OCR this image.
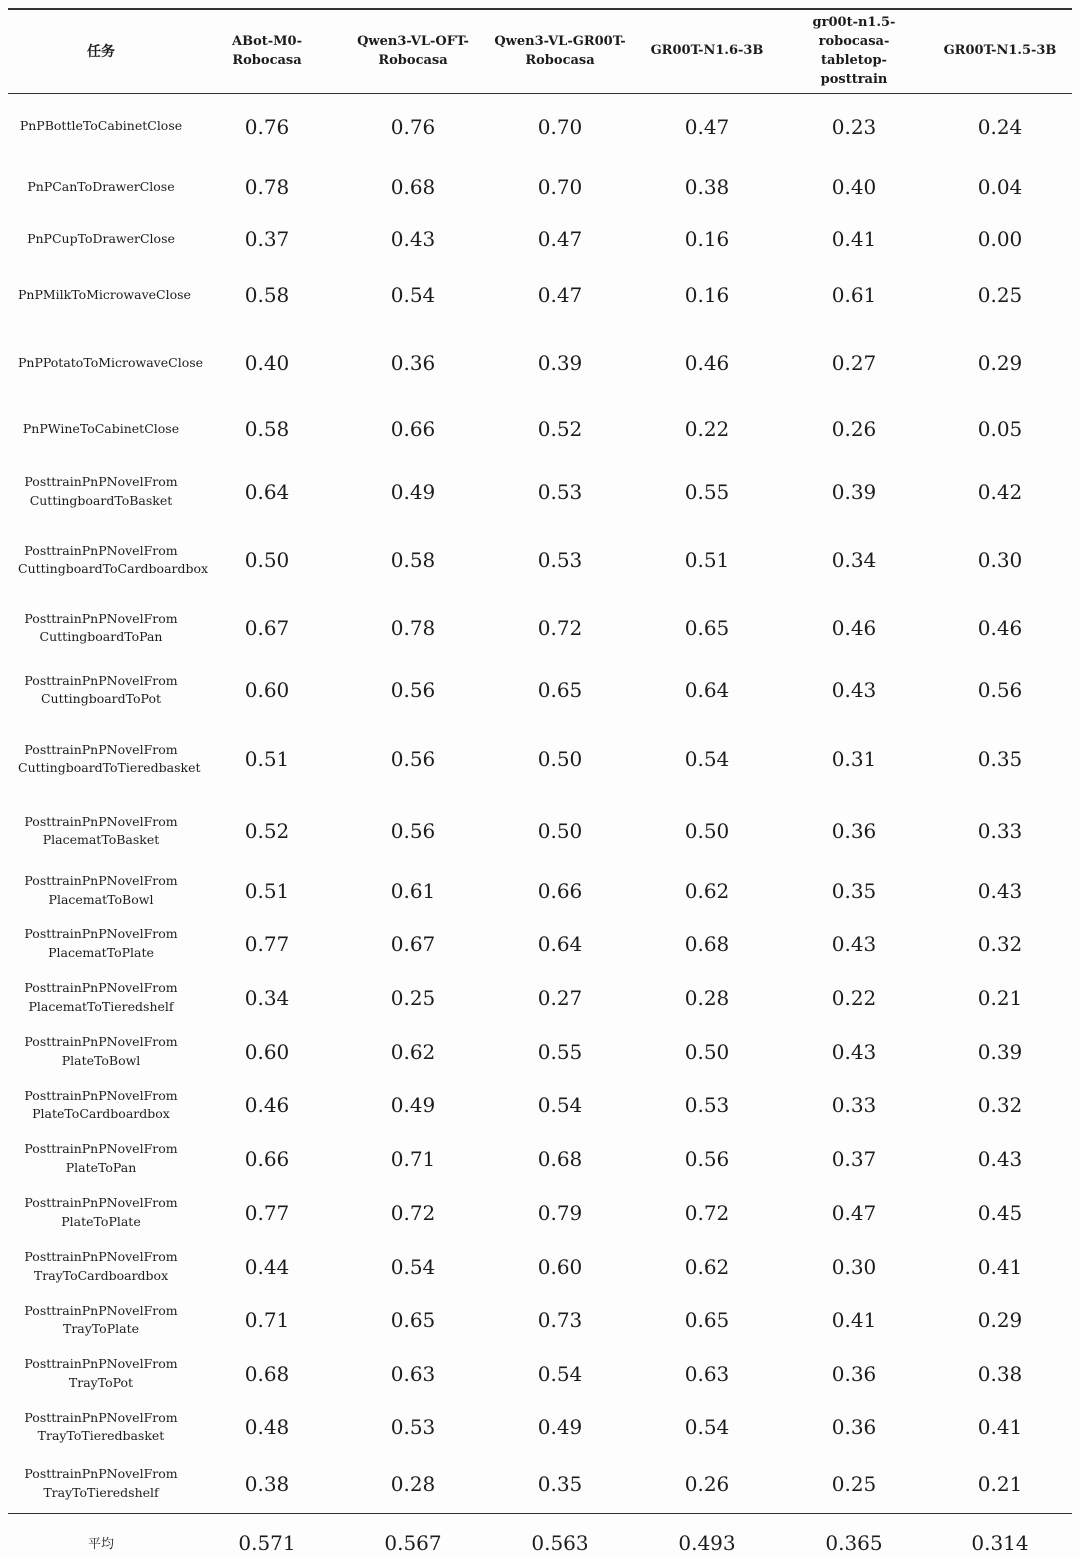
任务	ABot-M0-Robocasa	Qwen3-VL-OFT-Robocasa	Qwen3-VL-GR00T-Robocasa	GR00T-N1.6-3B	gr00t-n1.5-robocasa-tabletop-posttrain	GR00T-N1.5-3B
PnPBottleToCabinetClose	0.76	0.76	0.70	0.47	0.23	0.24
PnPCanToDrawerClose	0.78	0.68	0.70	0.38	0.40	0.04
PnPCupToDrawerClose	0.37	0.43	0.47	0.16	0.41	0.00
PnPMilkToMicrowaveClose	0.58	0.54	0.47	0.16	0.61	0.25
PnPPotatoToMicrowaveClose	0.40	0.36	0.39	0.46	0.27	0.29
PnPWineToCabinetClose	0.58	0.66	0.52	0.22	0.26	0.05
PosttrainPnPNovelFrom CuttingboardToBasket	0.64	0.49	0.53	0.55	0.39	0.42
PosttrainPnPNovelFrom CuttingboardToCardboardbox	0.50	0.58	0.53	0.51	0.34	0.30
PosttrainPnPNovelFrom CuttingboardToPan	0.67	0.78	0.72	0.65	0.46	0.46
PosttrainPnPNovelFrom CuttingboardToPot	0.60	0.56	0.65	0.64	0.43	0.56
PosttrainPnPNovelFrom CuttingboardToTieredbasket	0.51	0.56	0.50	0.54	0.31	0.35
PosttrainPnPNovelFrom PlacematToBasket	0.52	0.56	0.50	0.50	0.36	0.33
PosttrainPnPNovelFrom PlacematToBowl	0.51	0.61	0.66	0.62	0.35	0.43
PosttrainPnPNovelFrom PlacematToPlate	0.77	0.67	0.64	0.68	0.43	0.32
PosttrainPnPNovelFrom PlacematToTieredshelf	0.34	0.25	0.27	0.28	0.22	0.21
PosttrainPnPNovelFrom PlateToBowl	0.60	0.62	0.55	0.50	0.43	0.39
PosttrainPnPNovelFrom PlateToCardboardbox	0.46	0.49	0.54	0.53	0.33	0.32
PosttrainPnPNovelFrom PlateToPan	0.66	0.71	0.68	0.56	0.37	0.43
PosttrainPnPNovelFrom PlateToPlate	0.77	0.72	0.79	0.72	0.47	0.45
PosttrainPnPNovelFrom TrayToCardboardbox	0.44	0.54	0.60	0.62	0.30	0.41
PosttrainPnPNovelFrom TrayToPlate	0.71	0.65	0.73	0.65	0.41	0.29
PosttrainPnPNovelFrom TrayToPot	0.68	0.63	0.54	0.63	0.36	0.38
PosttrainPnPNovelFrom TrayToTieredbasket	0.48	0.53	0.49	0.54	0.36	0.41
PosttrainPnPNovelFrom TrayToTieredshelf	0.38	0.28	0.35	0.26	0.25	0.21
平均	0.571	0.567	0.563	0.493	0.365	0.314
